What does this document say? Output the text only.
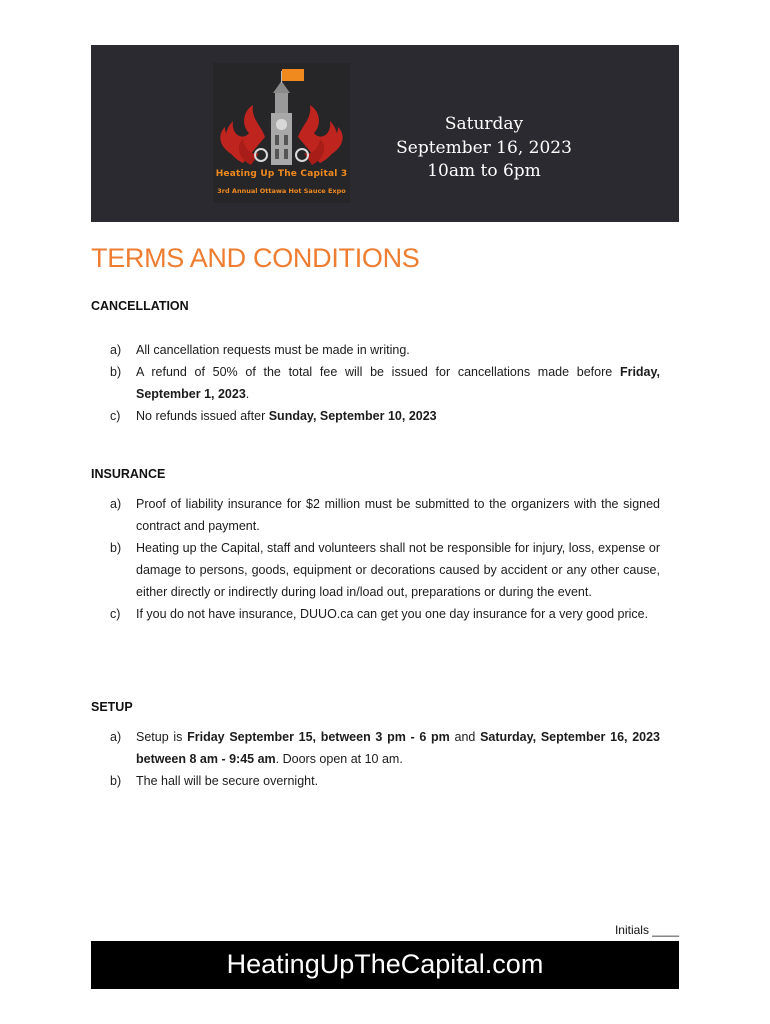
Heating Up The Capital 3
3rd Annual Ottawa Hot Sauce Expo
Saturday
September 16, 2023
10am to 6pm
TERMS AND CONDITIONS
CANCELLATION
a) All cancellation requests must be made in writing.
b) A refund of 50% of the total fee will be issued for cancellations made before Friday, September 1, 2023.
c) No refunds issued after Sunday, September 10, 2023
INSURANCE
a) Proof of liability insurance for $2 million must be submitted to the organizers with the signed contract and payment.
b) Heating up the Capital, staff and volunteers shall not be responsible for injury, loss, expense or damage to persons, goods, equipment or decorations caused by accident or any other cause, either directly or indirectly during load in/load out, preparations or during the event.
c) If you do not have insurance, DUUO.ca can get you one day insurance for a very good price.
SETUP
a) Setup is Friday September 15, between 3 pm - 6 pm and Saturday, September 16, 2023 between 8 am - 9:45 am. Doors open at 10 am.
b) The hall will be secure overnight.
Initials ____
HeatingUpTheCapital.com
